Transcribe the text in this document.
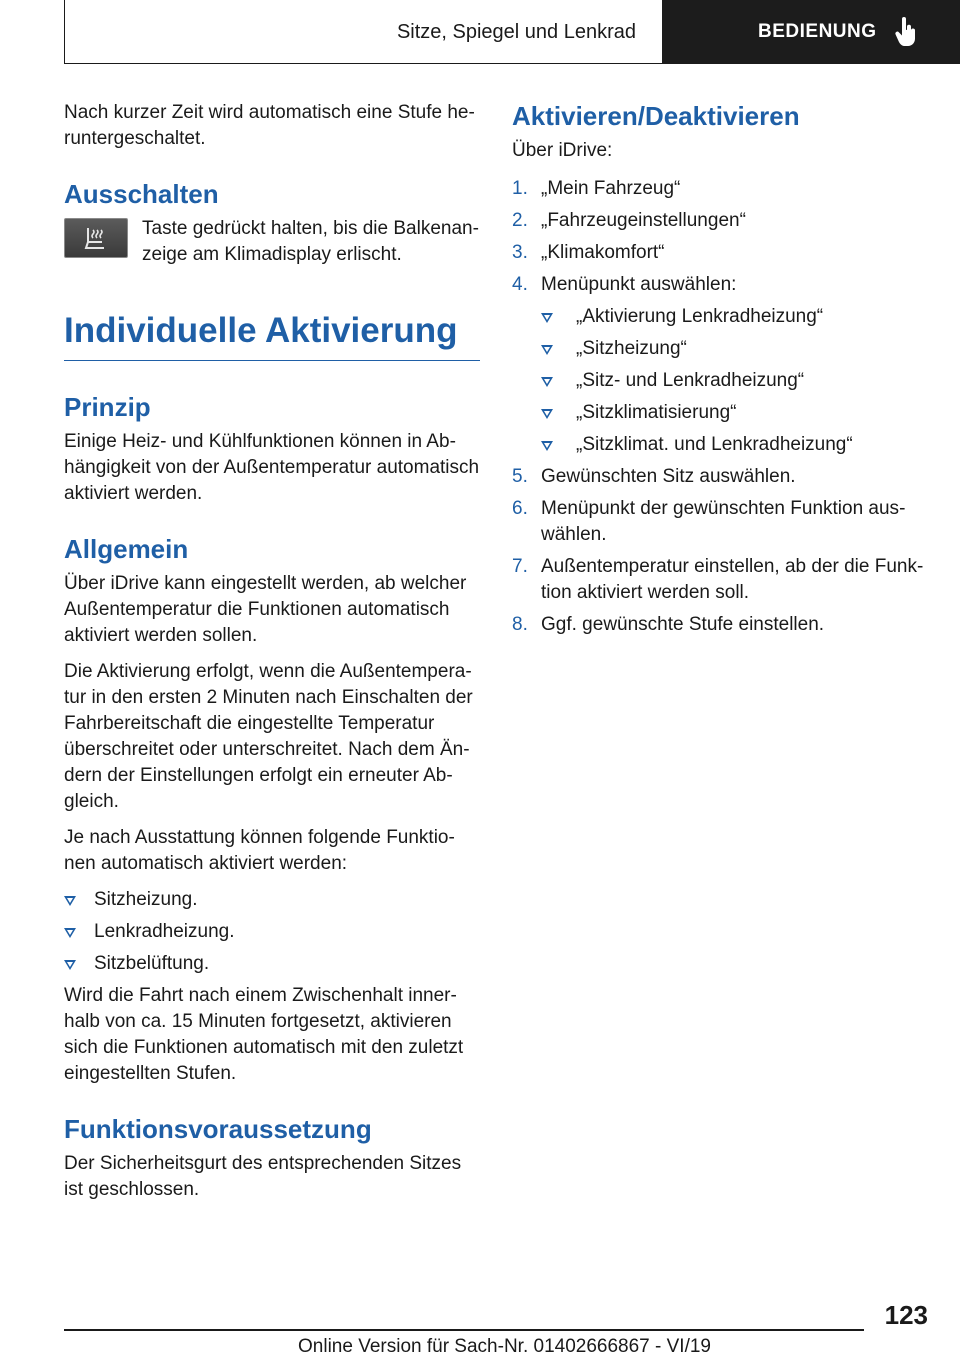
Sitze, Spiegel und Lenkrad	BEDIENUNG

Nach kurzer Zeit wird automatisch eine Stufe heruntergeschaltet.

Ausschalten

Taste gedrückt halten, bis die Balkenanzeige am Klimadisplay erlischt.

Individuelle Aktivierung
Prinzip

Einige Heiz- und Kühlfunktionen können in Abhängigkeit von der Außentemperatur automatisch aktiviert werden.

Allgemein

Über iDrive kann eingestellt werden, ab welcher Außentemperatur die Funktionen automatisch aktiviert werden sollen.

Die Aktivierung erfolgt, wenn die Außentemperatur in den ersten 2 Minuten nach Einschalten der Fahrbereitschaft die eingestellte Temperatur überschreitet oder unterschreitet. Nach dem Ändern der Einstellungen erfolgt ein erneuter Abgleich.

Je nach Ausstattung können folgende Funktionen automatisch aktiviert werden:

Sitzheizung.
Lenkradheizung.
Sitzbelüftung.

Wird die Fahrt nach einem Zwischenhalt innerhalb von ca. 15 Minuten fortgesetzt, aktivieren sich die Funktionen automatisch mit den zuletzt eingestellten Stufen.

Funktionsvoraussetzung

Der Sicherheitsgurt des entsprechenden Sitzes ist geschlossen.

Aktivieren/Deaktivieren

Über iDrive:

1. „Mein Fahrzeug“
2. „Fahrzeugeinstellungen“
3. „Klimakomfort“
4. Menüpunkt auswählen:
„Aktivierung Lenkradheizung“
„Sitzheizung“
„Sitz- und Lenkradheizung“
„Sitzklimatisierung“
„Sitzklimat. und Lenkradheizung“
5. Gewünschten Sitz auswählen.
6. Menüpunkt der gewünschten Funktion auswählen.
7. Außentemperatur einstellen, ab der die Funktion aktiviert werden soll.
8. Ggf. gewünschte Stufe einstellen.
123
Online Version für Sach-Nr. 01402666867 - VI/19
